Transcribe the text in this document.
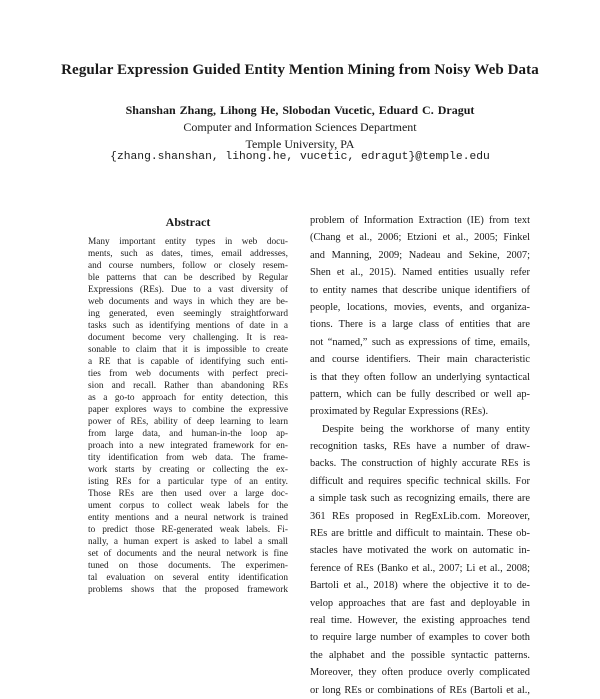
Regular Expression Guided Entity Mention Mining from Noisy Web Data
Shanshan Zhang, Lihong He, Slobodan Vucetic, Eduard C. Dragut
Computer and Information Sciences Department
Temple University, PA
{zhang.shanshan, lihong.he, vucetic, edragut}@temple.edu
Abstract
Many important entity types in web docu-
ments, such as dates, times, email addresses,
and course numbers, follow or closely resem-
ble patterns that can be described by Regular
Expressions (REs). Due to a vast diversity of
web documents and ways in which they are be-
ing generated, even seemingly straightforward
tasks such as identifying mentions of date in a
document become very challenging. It is rea-
sonable to claim that it is impossible to create
a RE that is capable of identifying such enti-
ties from web documents with perfect preci-
sion and recall. Rather than abandoning REs
as a go-to approach for entity detection, this
paper explores ways to combine the expressive
power of REs, ability of deep learning to learn
from large data, and human-in-the loop ap-
proach into a new integrated framework for en-
tity identification from web data. The frame-
work starts by creating or collecting the ex-
isting REs for a particular type of an entity.
Those REs are then used over a large doc-
ument corpus to collect weak labels for the
entity mentions and a neural network is trained
to predict those RE-generated weak labels. Fi-
nally, a human expert is asked to label a small
set of documents and the neural network is fine
tuned on those documents. The experimen-
tal evaluation on several entity identification
problems shows that the proposed framework
problem of Information Extraction (IE) from text
(Chang et al., 2006; Etzioni et al., 2005; Finkel
and Manning, 2009; Nadeau and Sekine, 2007;
Shen et al., 2015). Named entities usually refer
to entity names that describe unique identifiers of
people, locations, movies, events, and organiza-
tions. There is a large class of entities that are
not “named,” such as expressions of time, emails,
and course identifiers. Their main characteristic
is that they often follow an underlying syntactical
pattern, which can be fully described or well ap-
proximated by Regular Expressions (REs).
Despite being the workhorse of many entity
recognition tasks, REs have a number of draw-
backs. The construction of highly accurate REs is
difficult and requires specific technical skills. For
a simple task such as recognizing emails, there are
361 REs proposed in RegExLib.com. Moreover,
REs are brittle and difficult to maintain. These ob-
stacles have motivated the work on automatic in-
ference of REs (Banko et al., 2007; Li et al., 2008;
Bartoli et al., 2018) where the objective it to de-
velop approaches that are fast and deployable in
real time. However, the existing approaches tend
to require large number of examples to cover both
the alphabet and the possible syntactic patterns.
Moreover, they often produce overly complicated
or long REs or combinations of REs (Bartoli et al.,
